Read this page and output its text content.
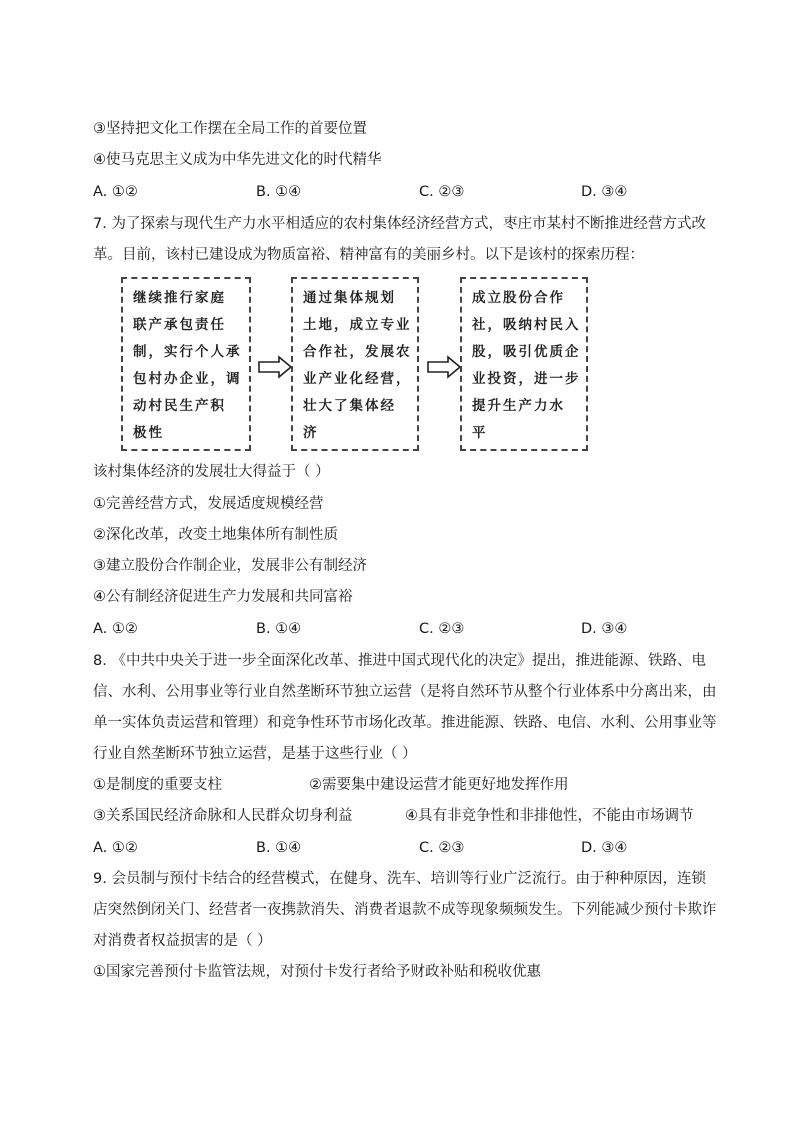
③坚持把文化工作摆在全局工作的首要位置
④使马克思主义成为中华先进文化的时代精华
A. ①②	B. ①④	C. ②③	D. ③④
7. 为了探索与现代生产力水平相适应的农村集体经济经营方式，枣庄市某村不断推进经营方式改
革。目前，该村已建设成为物质富裕、精神富有的美丽乡村。以下是该村的探索历程：
继续推行家庭
联产承包责任
制，实行个人承
包村办企业，调
动村民生产积
极性
通过集体规划
土地，成立专业
合作社，发展农
业产业化经营，
壮大了集体经
济
成立股份合作
社，吸纳村民入
股，吸引优质企
业投资，进一步
提升生产力水
平
该村集体经济的发展壮大得益于（ ）
①完善经营方式，发展适度规模经营
②深化改革，改变土地集体所有制性质
③建立股份合作制企业，发展非公有制经济
④公有制经济促进生产力发展和共同富裕
A. ①②	B. ①④	C. ②③	D. ③④
8. 《中共中央关于进一步全面深化改革、推进中国式现代化的决定》提出，推进能源、铁路、电
信、水利、公用事业等行业自然垄断环节独立运营（是将自然环节从整个行业体系中分离出来，由
单一实体负责运营和管理）和竞争性环节市场化改革。推进能源、铁路、电信、水利、公用事业等
行业自然垄断环节独立运营，是基于这些行业（ ）
①是制度的重要支柱	②需要集中建设运营才能更好地发挥作用
③关系国民经济命脉和人民群众切身利益	④具有非竞争性和非排他性，不能由市场调节
A. ①②	B. ①④	C. ②③	D. ③④
9. 会员制与预付卡结合的经营模式，在健身、洗车、培训等行业广泛流行。由于种种原因，连锁
店突然倒闭关门、经营者一夜携款消失、消费者退款不成等现象频频发生。下列能减少预付卡欺诈
对消费者权益损害的是（ ）
①国家完善预付卡监管法规，对预付卡发行者给予财政补贴和税收优惠
